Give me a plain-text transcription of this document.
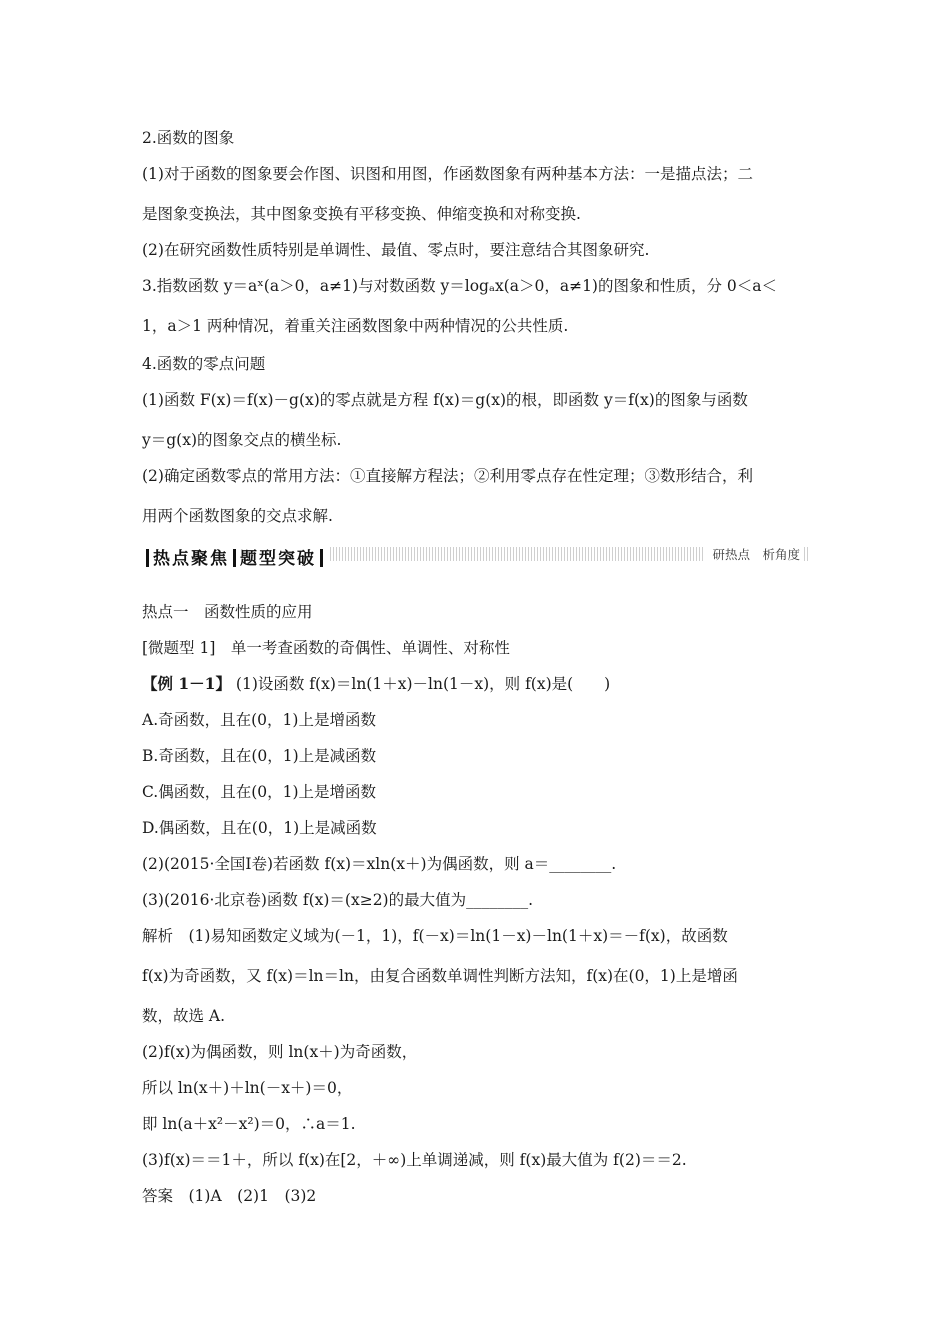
2.函数的图象
(1)对于函数的图象要会作图、识图和用图，作函数图象有两种基本方法：一是描点法；二
是图象变换法，其中图象变换有平移变换、伸缩变换和对称变换.
(2)在研究函数性质特别是单调性、最值、零点时，要注意结合其图象研究.
3.指数函数 y＝aˣ(a＞0，a≠1)与对数函数 y＝logₐx(a＞0，a≠1)的图象和性质，分 0＜a＜
1，a＞1 两种情况，着重关注函数图象中两种情况的公共性质.
4.函数的零点问题
(1)函数 F(x)＝f(x)－g(x)的零点就是方程 f(x)＝g(x)的根，即函数 y＝f(x)的图象与函数
y＝g(x)的图象交点的横坐标.
(2)确定函数零点的常用方法：①直接解方程法；②利用零点存在性定理；③数形结合，利
用两个函数图象的交点求解.
热点聚焦 题型突破	研热点　析角度
热点一　函数性质的应用
[微题型 1]　单一考查函数的奇偶性、单调性、对称性
【例 1－1】 (1)设函数 f(x)＝ln(1＋x)－ln(1－x)，则 f(x)是(　　)
A.奇函数，且在(0，1)上是增函数
B.奇函数，且在(0，1)上是减函数
C.偶函数，且在(0，1)上是增函数
D.偶函数，且在(0，1)上是减函数
(2)(2015·全国Ⅰ卷)若函数 f(x)＝xln(x＋)为偶函数，则 a＝________.
(3)(2016·北京卷)函数 f(x)＝(x≥2)的最大值为________.
解析　(1)易知函数定义域为(－1，1)，f(－x)＝ln(1－x)－ln(1＋x)＝－f(x)，故函数
f(x)为奇函数，又 f(x)＝ln＝ln，由复合函数单调性判断方法知，f(x)在(0，1)上是增函
数，故选 A.
(2)f(x)为偶函数，则 ln(x＋)为奇函数，
所以 ln(x＋)＋ln(－x＋)＝0，
即 ln(a＋x²－x²)＝0，∴a＝1.
(3)f(x)＝＝1＋，所以 f(x)在[2，＋∞)上单调递减，则 f(x)最大值为 f(2)＝＝2.
答案　(1)A　(2)1　(3)2
